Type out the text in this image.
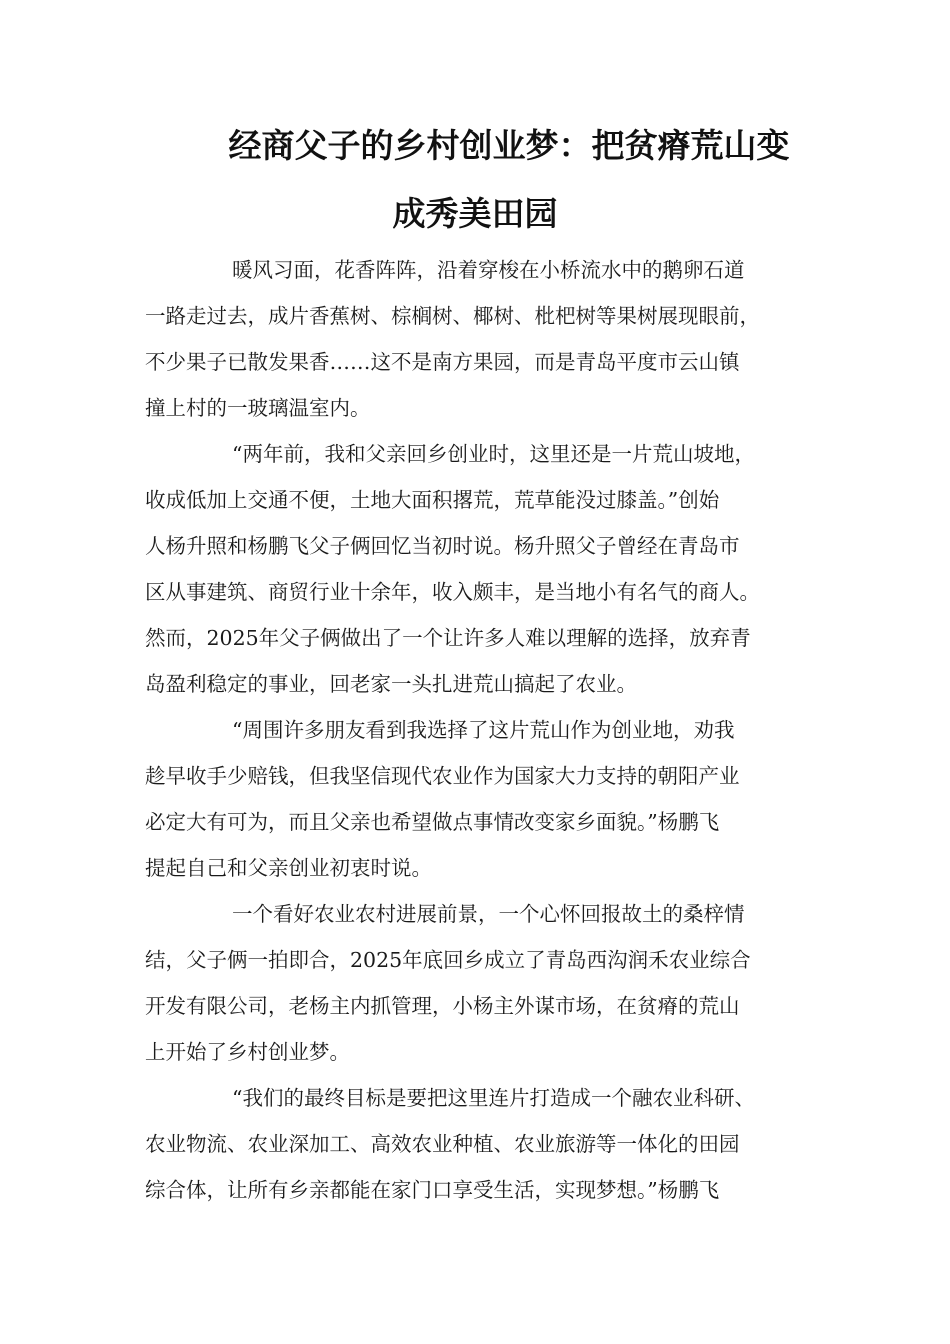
经商父子的乡村创业梦：把贫瘠荒山变
成秀美田园
暖风习面，花香阵阵，沿着穿梭在小桥流水中的鹅卵石道
一路走过去，成片香蕉树、棕榈树、椰树、枇杷树等果树展现眼前，
不少果子已散发果香……这不是南方果园，而是青岛平度市云山镇
撞上村的一玻璃温室内。
“两年前，我和父亲回乡创业时，这里还是一片荒山坡地，
收成低加上交通不便，土地大面积撂荒，荒草能没过膝盖。”创始
人杨升照和杨鹏飞父子俩回忆当初时说。杨升照父子曾经在青岛市
区从事建筑、商贸行业十余年，收入颇丰，是当地小有名气的商人。
然而，2025年父子俩做出了一个让许多人难以理解的选择，放弃青
岛盈利稳定的事业，回老家一头扎进荒山搞起了农业。
“周围许多朋友看到我选择了这片荒山作为创业地，劝我
趁早收手少赔钱，但我坚信现代农业作为国家大力支持的朝阳产业
必定大有可为，而且父亲也希望做点事情改变家乡面貌。”杨鹏飞
提起自己和父亲创业初衷时说。
一个看好农业农村进展前景，一个心怀回报故土的桑梓情
结，父子俩一拍即合，2025年底回乡成立了青岛西沟润禾农业综合
开发有限公司，老杨主内抓管理，小杨主外谋市场，在贫瘠的荒山
上开始了乡村创业梦。
“我们的最终目标是要把这里连片打造成一个融农业科研、
农业物流、农业深加工、高效农业种植、农业旅游等一体化的田园
综合体，让所有乡亲都能在家门口享受生活，实现梦想。”杨鹏飞
